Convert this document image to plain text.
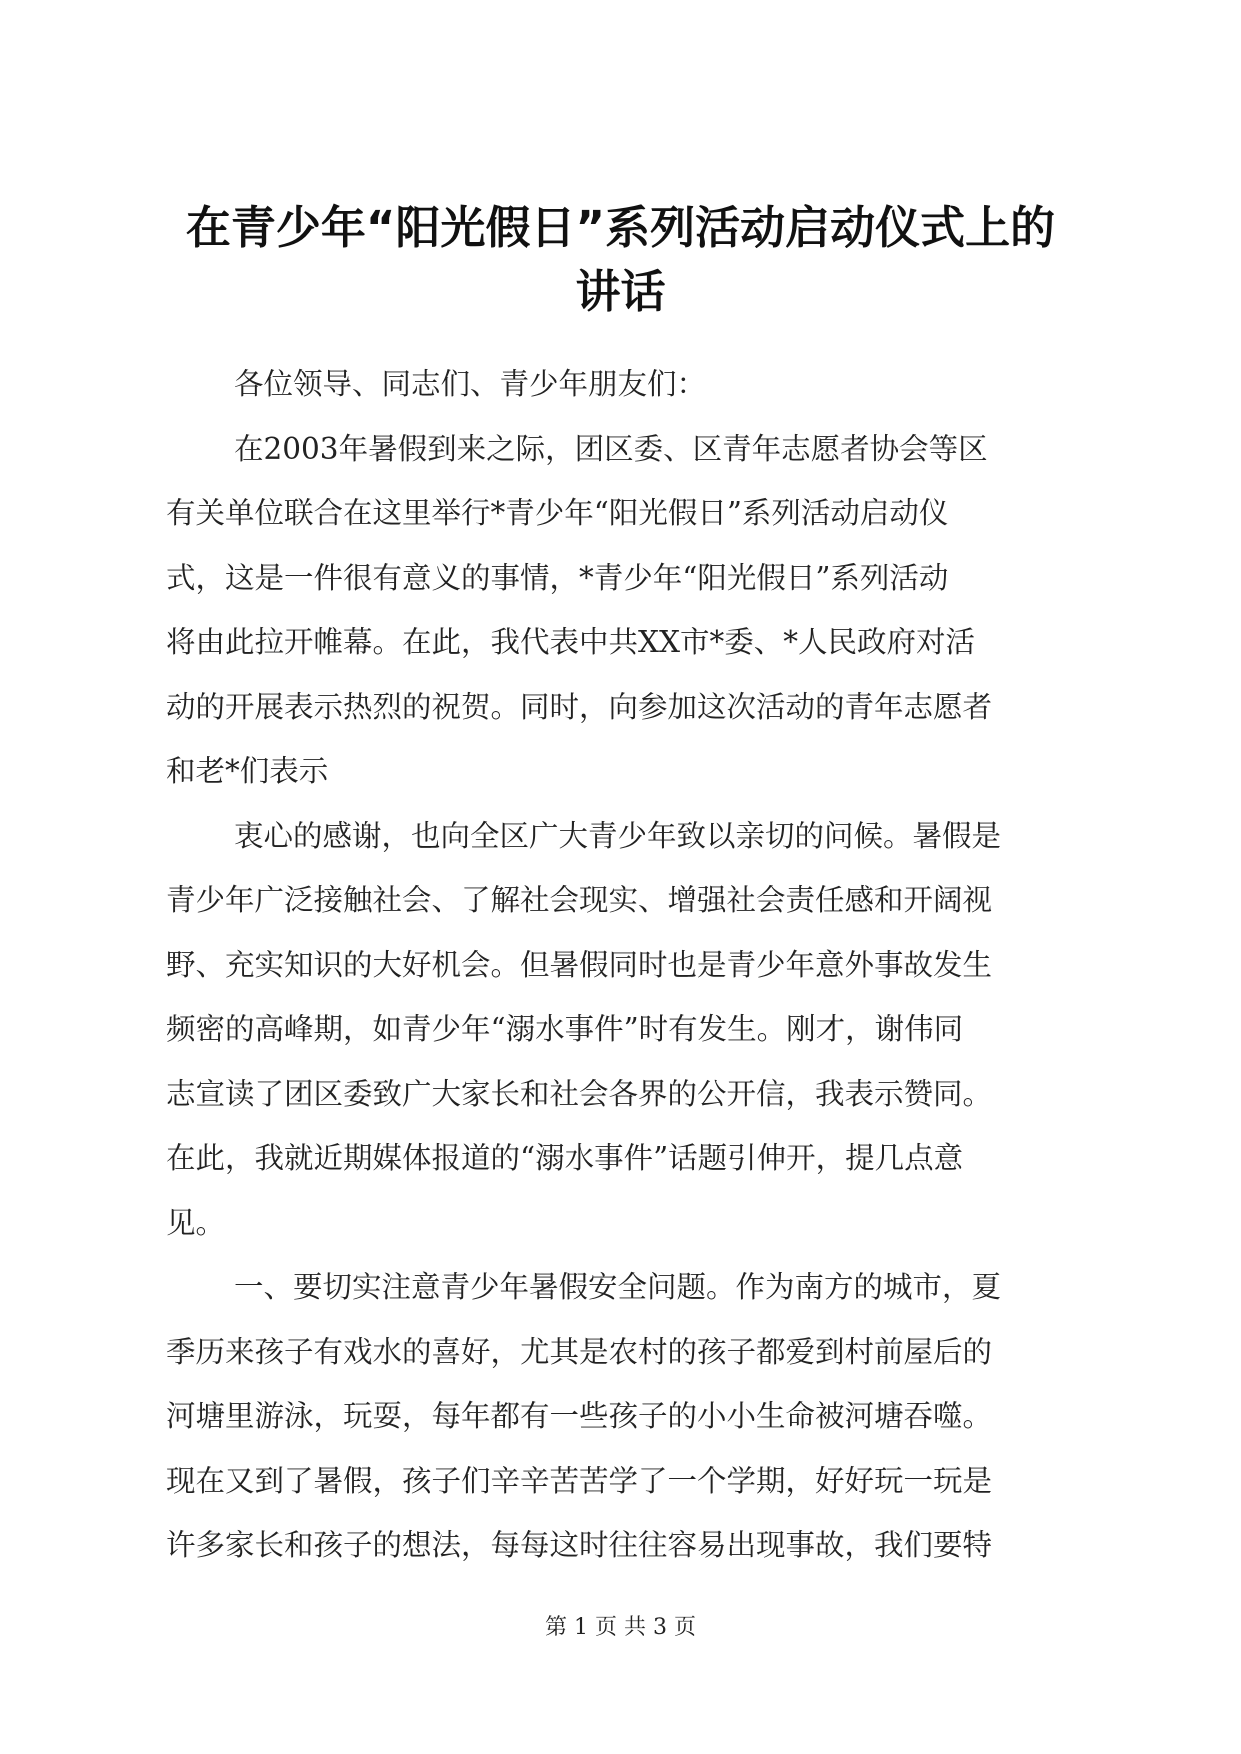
在青少年“阳光假日”系列活动启动仪式上的
讲话
各位领导、同志们、青少年朋友们：
在2003年暑假到来之际，团区委、区青年志愿者协会等区
有关单位联合在这里举行*青少年“阳光假日”系列活动启动仪
式，这是一件很有意义的事情，*青少年“阳光假日”系列活动
将由此拉开帷幕。在此，我代表中共XX市*委、*人民政府对活
动的开展表示热烈的祝贺。同时，向参加这次活动的青年志愿者
和老*们表示
衷心的感谢，也向全区广大青少年致以亲切的问候。暑假是
青少年广泛接触社会、了解社会现实、增强社会责任感和开阔视
野、充实知识的大好机会。但暑假同时也是青少年意外事故发生
频密的高峰期，如青少年“溺水事件”时有发生。刚才，谢伟同
志宣读了团区委致广大家长和社会各界的公开信，我表示赞同。
在此，我就近期媒体报道的“溺水事件”话题引伸开，提几点意
见。
一、要切实注意青少年暑假安全问题。作为南方的城市，夏
季历来孩子有戏水的喜好，尤其是农村的孩子都爱到村前屋后的
河塘里游泳，玩耍，每年都有一些孩子的小小生命被河塘吞噬。
现在又到了暑假，孩子们辛辛苦苦学了一个学期，好好玩一玩是
许多家长和孩子的想法，每每这时往往容易出现事故，我们要特
第 1 页 共 3 页
